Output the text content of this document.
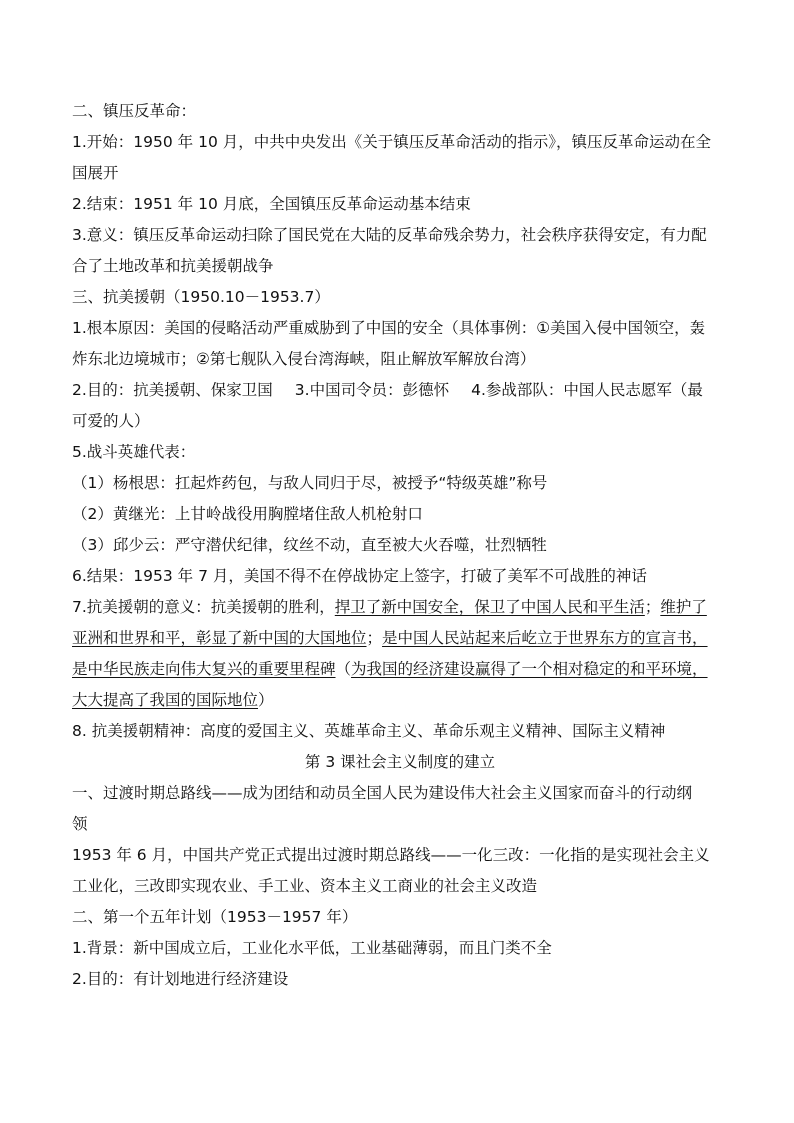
二、镇压反革命：
1.开始：1950 年 10 月，中共中央发出《关于镇压反革命活动的指示》，镇压反革命运动在全
国展开
2.结束：1951 年 10 月底，全国镇压反革命运动基本结束
3.意义：镇压反革命运动扫除了国民党在大陆的反革命残余势力，社会秩序获得安定，有力配
合了土地改革和抗美援朝战争
三、抗美援朝（1950.10－1953.7）
1.根本原因：美国的侵略活动严重威胁到了中国的安全（具体事例：①美国入侵中国领空，轰
炸东北边境城市；②第七舰队入侵台湾海峡，阻止解放军解放台湾）
2.目的：抗美援朝、保家卫国 3.中国司令员：彭德怀 4.参战部队：中国人民志愿军（最
可爱的人）
5.战斗英雄代表：
（1）杨根思：扛起炸药包，与敌人同归于尽，被授予“特级英雄”称号
（2）黄继光：上甘岭战役用胸膛堵住敌人机枪射口
（3）邱少云：严守潜伏纪律，纹丝不动，直至被大火吞噬，壮烈牺牲
6.结果：1953 年 7 月，美国不得不在停战协定上签字，打破了美军不可战胜的神话
7.抗美援朝的意义：抗美援朝的胜利，捍卫了新中国安全，保卫了中国人民和平生活；维护了
亚洲和世界和平，彰显了新中国的大国地位；是中国人民站起来后屹立于世界东方的宣言书，
是中华民族走向伟大复兴的重要里程碑（为我国的经济建设赢得了一个相对稳定的和平环境，
大大提高了我国的国际地位）
8. 抗美援朝精神：高度的爱国主义、英雄革命主义、革命乐观主义精神、国际主义精神
第 3 课社会主义制度的建立
一、过渡时期总路线——成为团结和动员全国人民为建设伟大社会主义国家而奋斗的行动纲
领
1953 年 6 月，中国共产党正式提出过渡时期总路线——一化三改：一化指的是实现社会主义
工业化，三改即实现农业、手工业、资本主义工商业的社会主义改造
二、第一个五年计划（1953－1957 年）
1.背景：新中国成立后，工业化水平低，工业基础薄弱，而且门类不全
2.目的：有计划地进行经济建设
